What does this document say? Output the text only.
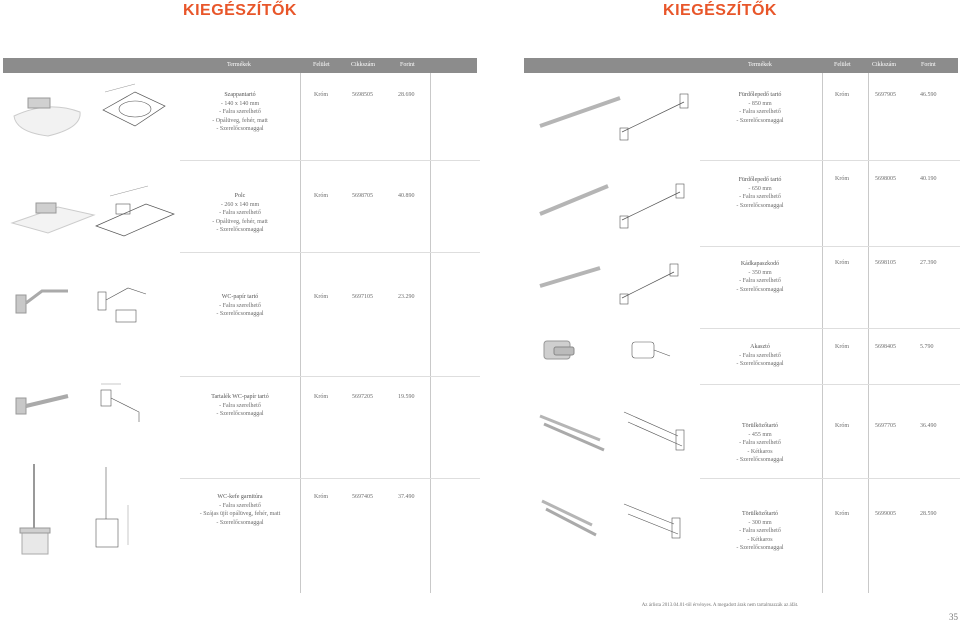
KIEGÉSZÍTŐK
Termékek	Felület	Cikkszám	Forint
Szappantartó
- 140 x 140 mm
- Falra szerelhető
- Opálüveg, fehér, matt
- Szerelőcsomaggal
Króm	5698505	28.690
Polc
- 260 x 140 mm
- Falra szerelhető
- Opálüveg, fehér, matt
- Szerelőcsomaggal
Króm	5698705	40.890
WC-papír tartó
- Falra szerelhető
- Szerelőcsomaggal
Króm	5697105	23.290
Tartalék WC-papír tartó
- Falra szerelhető
- Szerelőcsomaggal
Króm	5697205	19.590
WC-kefe garnitúra
- Falra szerelhető
- Szájas üjít opálüveg, fehér, matt
- Szerelőcsomaggal
Króm	5697405	37.490
KIEGÉSZÍTŐK
Termékek	Felület	Cikkszám	Forint
Fürdőlepedő tartó
- 850 mm
- Falra szerelhető
- Szerelőcsomaggal
Króm	5697905	46.590
Fürdőlepedő tartó
- 650 mm
- Falra szerelhető
- Szerelőcsomaggal
Króm	5698005	40.190
Kádkapaszkodó
- 350 mm
- Falra szerelhető
- Szerelőcsomaggal
Króm	5698105	27.390
Akasztó
- Falra szerelhető
- Szerelőcsomaggal
Króm	5698405	5.790
Törülközőtartó
- 455 mm
- Falra szerelhető
- Kétkaros
- Szerelőcsomaggal
Króm	5697705	36.490
Törülközőtartó
- 300 mm
- Falra szerelhető
- Kétkaros
- Szerelőcsomaggal
Króm	5699005	28.590
Az árlista 2013.04.01-től érvényes. A megadott árak nem tartalmazzák az áfát.
35
